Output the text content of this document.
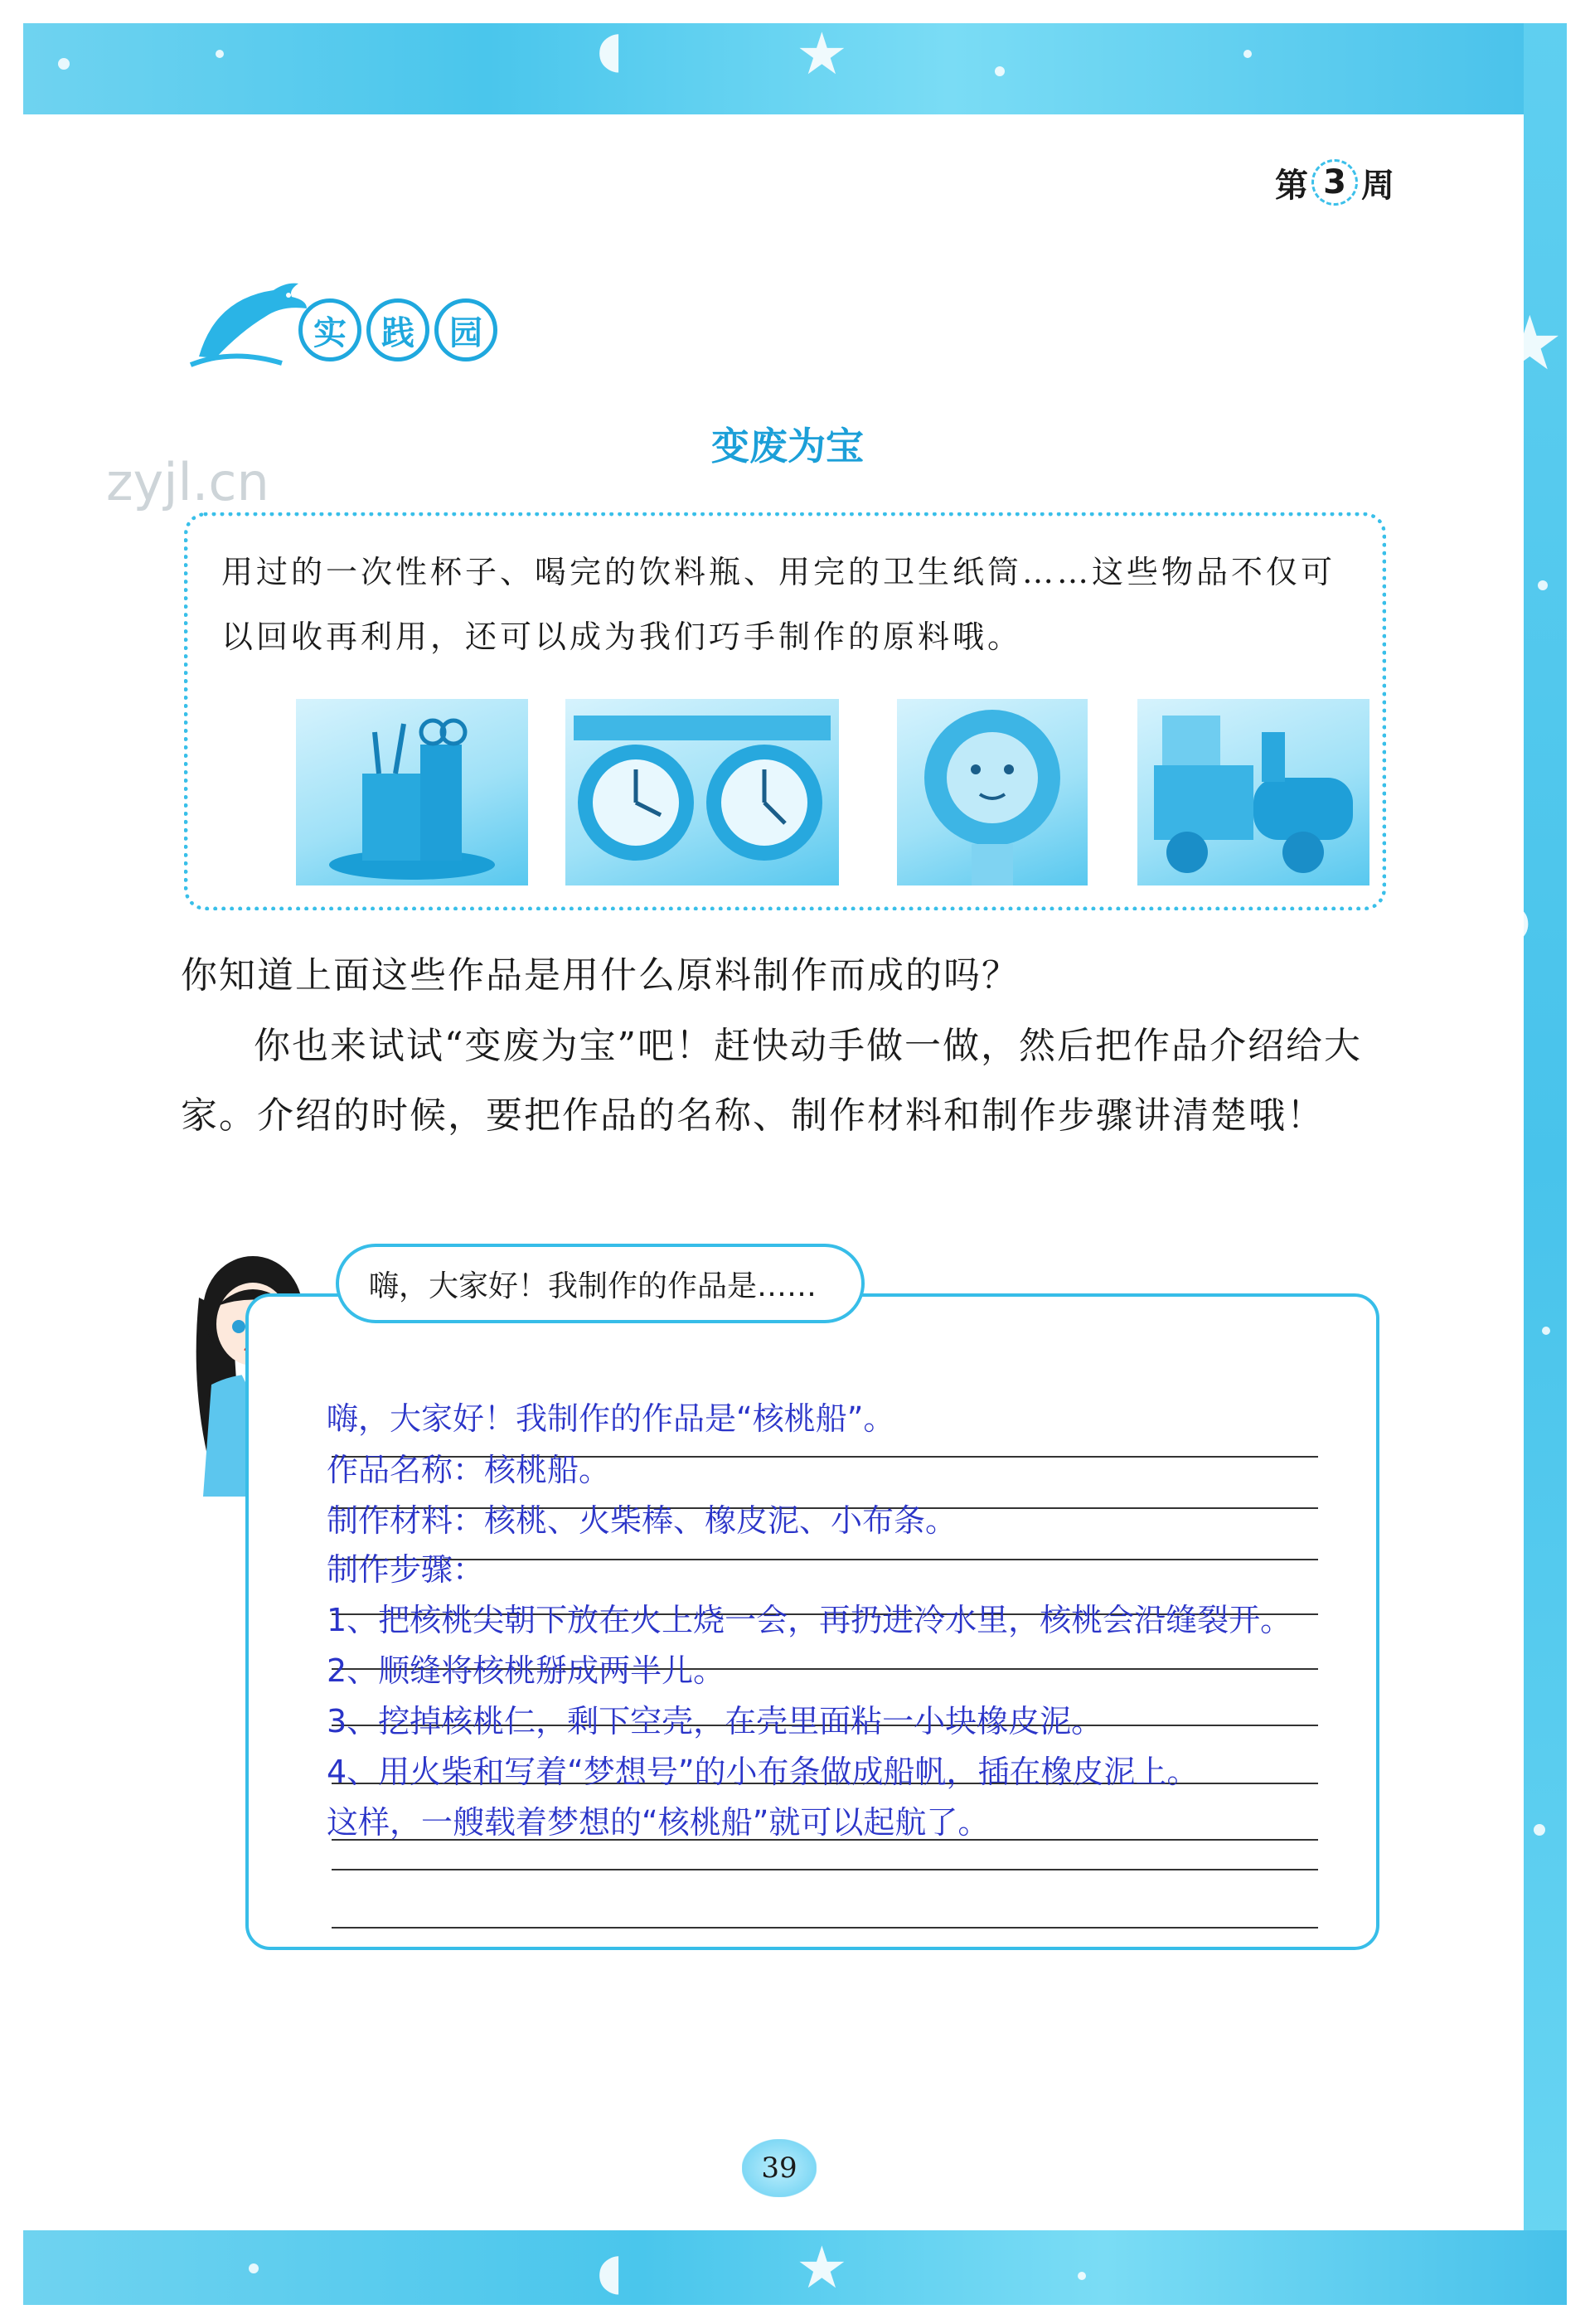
★
★
★
◖
◗
◖
第 3 周
实	践	园
变废为宝
zyjl.cn
用过的一次性杯子、喝完的饮料瓶、用完的卫生纸筒……这些物品不仅可以回收再利用，还可以成为我们巧手制作的原料哦。
你知道上面这些作品是用什么原料制作而成的吗？
你也来试试“变废为宝”吧！赶快动手做一做，然后把作品介绍给大家。介绍的时候，要把作品的名称、制作材料和制作步骤讲清楚哦！
嗨，大家好！我制作的作品是……
嗨，大家好！我制作的作品是“核桃船”。
作品名称：核桃船。
制作材料：核桃、火柴棒、橡皮泥、小布条。
制作步骤：
1、把核桃尖朝下放在火上烧一会，再扔进冷水里，核桃会沿缝裂开。
2、顺缝将核桃掰成两半儿。
3、挖掉核桃仁，剩下空壳，在壳里面粘一小块橡皮泥。
4、用火柴和写着“梦想号”的小布条做成船帆，插在橡皮泥上。
这样，一艘载着梦想的“核桃船”就可以起航了。
39
